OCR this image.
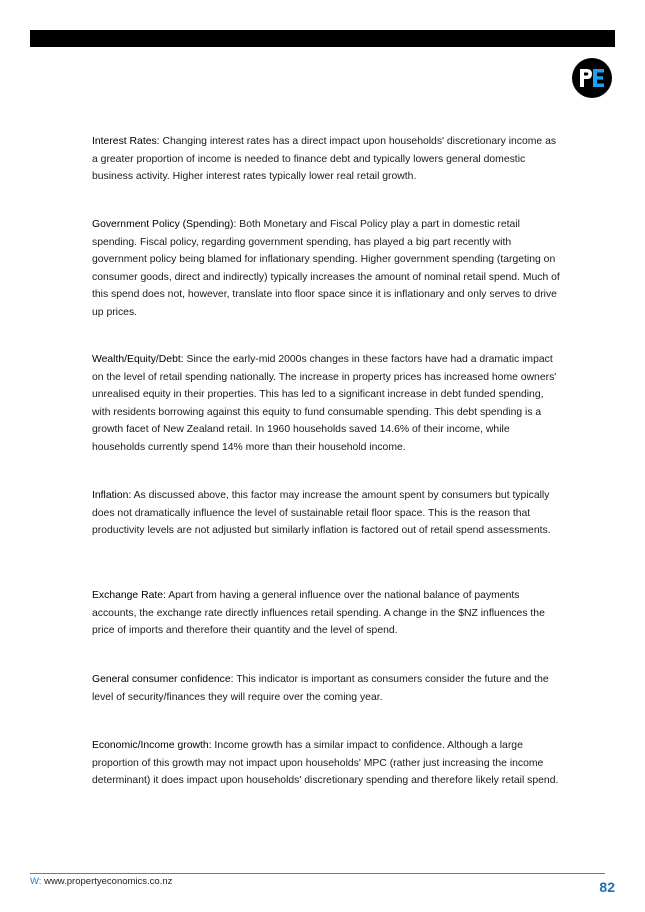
Interest Rates: Changing interest rates has a direct impact upon households' discretionary income as a greater proportion of income is needed to finance debt and typically lowers general domestic business activity. Higher interest rates typically lower real retail growth.

Government Policy (Spending): Both Monetary and Fiscal Policy play a part in domestic retail spending. Fiscal policy, regarding government spending, has played a big part recently with government policy being blamed for inflationary spending. Higher government spending (targeting on consumer goods, direct and indirectly) typically increases the amount of nominal retail spend. Much of this spend does not, however, translate into floor space since it is inflationary and only serves to drive up prices.

Wealth/Equity/Debt: Since the early-mid 2000s changes in these factors have had a dramatic impact on the level of retail spending nationally. The increase in property prices has increased home owners' unrealised equity in their properties. This has led to a significant increase in debt funded spending, with residents borrowing against this equity to fund consumable spending. This debt spending is a growth facet of New Zealand retail. In 1960 households saved 14.6% of their income, while households currently spend 14% more than their household income.

Inflation: As discussed above, this factor may increase the amount spent by consumers but typically does not dramatically influence the level of sustainable retail floor space. This is the reason that productivity levels are not adjusted but similarly inflation is factored out of retail spend assessments.

Exchange Rate: Apart from having a general influence over the national balance of payments accounts, the exchange rate directly influences retail spending. A change in the $NZ influences the price of imports and therefore their quantity and the level of spend.

General consumer confidence: This indicator is important as consumers consider the future and the level of security/finances they will require over the coming year.

Economic/Income growth: Income growth has a similar impact to confidence. Although a large proportion of this growth may not impact upon households' MPC (rather just increasing the income determinant) it does impact upon households' discretionary spending and therefore likely retail spend.

W: www.propertyeconomics.co.nz	82
